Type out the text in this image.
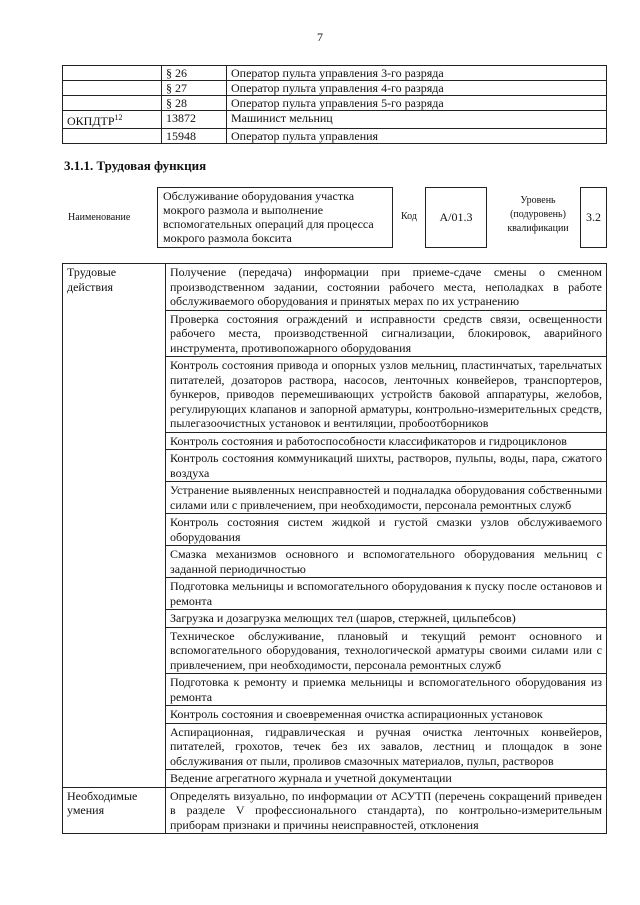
7
	§ 26	Оператор пульта управления 3-го разряда
	§ 27	Оператор пульта управления 4-го разряда
	§ 28	Оператор пульта управления 5-го разряда
ОКПДТР$^{12}$	13872	Машинист мельниц
	15948	Оператор пульта управления
3.1.1. Трудовая функция
Наименование
Обслуживание оборудования участка мокрого размола и выполнение вспомогательных операций для процесса мокрого размола боксита
Код	A/01.3
Уровень (подуровень) квалификации
3.2
Трудовые действия	Получение (передача) информации при приеме-сдаче смены о сменном производственном задании, состоянии рабочего места, неполадках в работе обслуживаемого оборудования и принятых мерах по их устранению
	Проверка состояния ограждений и исправности средств связи, освещенности рабочего места, производственной сигнализации, блокировок, аварийного инструмента, противопожарного оборудования
	Контроль состояния привода и опорных узлов мельниц, пластинчатых, тарельчатых питателей, дозаторов раствора, насосов, ленточных конвейеров, транспортеров, бункеров, приводов перемешивающих устройств баковой аппаратуры, желобов, регулирующих клапанов и запорной арматуры, контрольно-измерительных средств, пылегазоочистных установок и вентиляции, пробоотборников
	Контроль состояния и работоспособности классификаторов и гидроциклонов
	Контроль состояния коммуникаций шихты, растворов, пульпы, воды, пара, сжатого воздуха
	Устранение выявленных неисправностей и подналадка оборудования собственными силами или с привлечением, при необходимости, персонала ремонтных служб
	Контроль состояния систем жидкой и густой смазки узлов обслуживаемого оборудования
	Смазка механизмов основного и вспомогательного оборудования мельниц с заданной периодичностью
	Подготовка мельницы и вспомогательного оборудования к пуску после остановов и ремонта
	Загрузка и дозагрузка мелющих тел (шаров, стержней, цильпебсов)
	Техническое обслуживание, плановый и текущий ремонт основного и вспомогательного оборудования, технологической арматуры своими силами или с привлечением, при необходимости, персонала ремонтных служб
	Подготовка к ремонту и приемка мельницы и вспомогательного оборудования из ремонта
	Контроль состояния и своевременная очистка аспирационных установок
	Аспирационная, гидравлическая и ручная очистка ленточных конвейеров, питателей, грохотов, течек без их завалов, лестниц и площадок в зоне обслуживания от пыли, проливов смазочных материалов, пульп, растворов
	Ведение агрегатного журнала и учетной документации
Необходимые умения	Определять визуально, по информации от АСУТП (перечень сокращений приведен в разделе V профессионального стандарта), по контрольно-измерительным приборам признаки и причины неисправностей, отклонения
